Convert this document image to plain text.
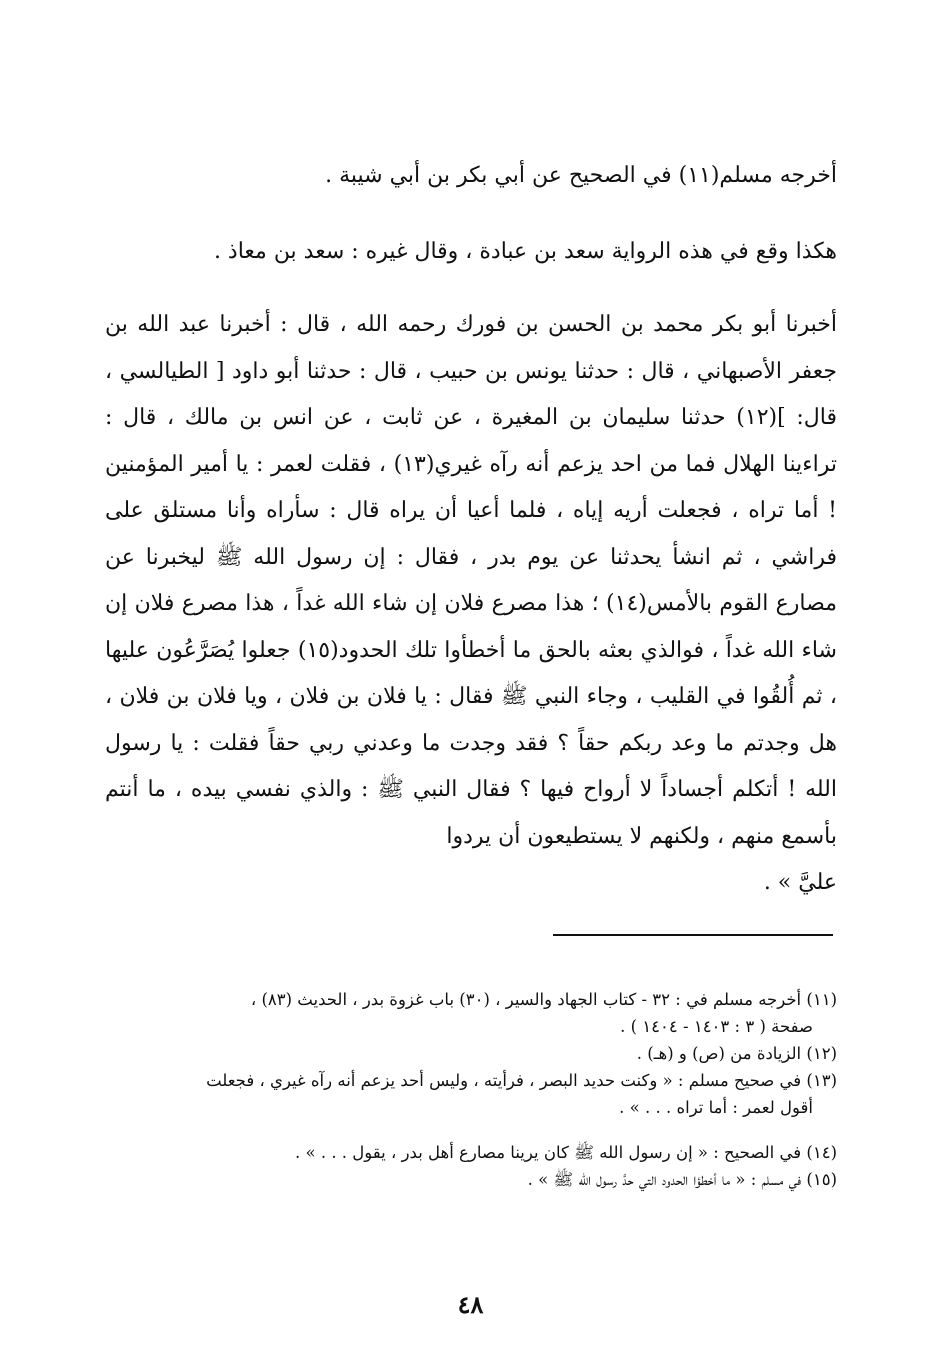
أخرجه مسلم(١١) في الصحيح عن أبي بكر بن أبي شيبة .

هكذا وقع في هذه الرواية سعد بن عبادة ، وقال غيره : سعد بن معاذ .

أخبرنا أبو بكر محمد بن الحسن بن فورك رحمه الله ، قال : أخبرنا عبد الله بن جعفر الأصبهاني ، قال : حدثنا يونس بن حبيب ، قال : حدثنا أبو داود [ الطيالسي ، قال: ](١٢) حدثنا سليمان بن المغيرة ، عن ثابت ، عن انس بن مالك ، قال : تراءينا الهلال فما من احد يزعم أنه رآه غيري(١٣) ، فقلت لعمر : يا أمير المؤمنين ! أما تراه ، فجعلت أريه إياه ، فلما أعيا أن يراه قال : سأراه وأنا مستلق على فراشي ، ثم انشأ يحدثنا عن يوم بدر ، فقال : إن رسول الله ﷺ ليخبرنا عن مصارع القوم بالأمس(١٤) ؛ هذا مصرع فلان إن شاء الله غداً ، هذا مصرع فلان إن شاء الله غداً ، فوالذي بعثه بالحق ما أخطأوا تلك الحدود(١٥) جعلوا يُصَرَّعُون عليها ، ثم أُلقُوا في القليب ، وجاء النبي ﷺ فقال : يا فلان بن فلان ، ويا فلان بن فلان ، هل وجدتم ما وعد ربكم حقاً ؟ فقد وجدت ما وعدني ربي حقاً فقلت : يا رسول الله ! أتكلم أجساداً لا أرواح فيها ؟ فقال النبي ﷺ : والذي نفسي بيده ، ما أنتم بأسمع منهم ، ولكنهم لا يستطيعون أن يردوا
عليَّ » .

(١١) أخرجه مسلم في : ٣٢ - كتاب الجهاد والسير ، (٣٠) باب غزوة بدر ، الحديث (٨٣) ،
صفحة ( ٣ : ١٤٠٣ - ١٤٠٤ ) .

(١٢) الزيادة من (ص) و (هـ) .

(١٣) في صحيح مسلم : « وكنت حديد البصر ، فرأيته ، وليس أحد يزعم أنه رآه غيري ، فجعلت
أقول لعمر : أما تراه . . . » .

(١٤) في الصحيح : « إن رسول الله ﷺ كان يرينا مصارع أهل بدر ، يقول . . . » .

(١٥) في مسلم : « ما أخطؤا الحدود التي حدَّ رسول الله ﷺ » .

٤٨
